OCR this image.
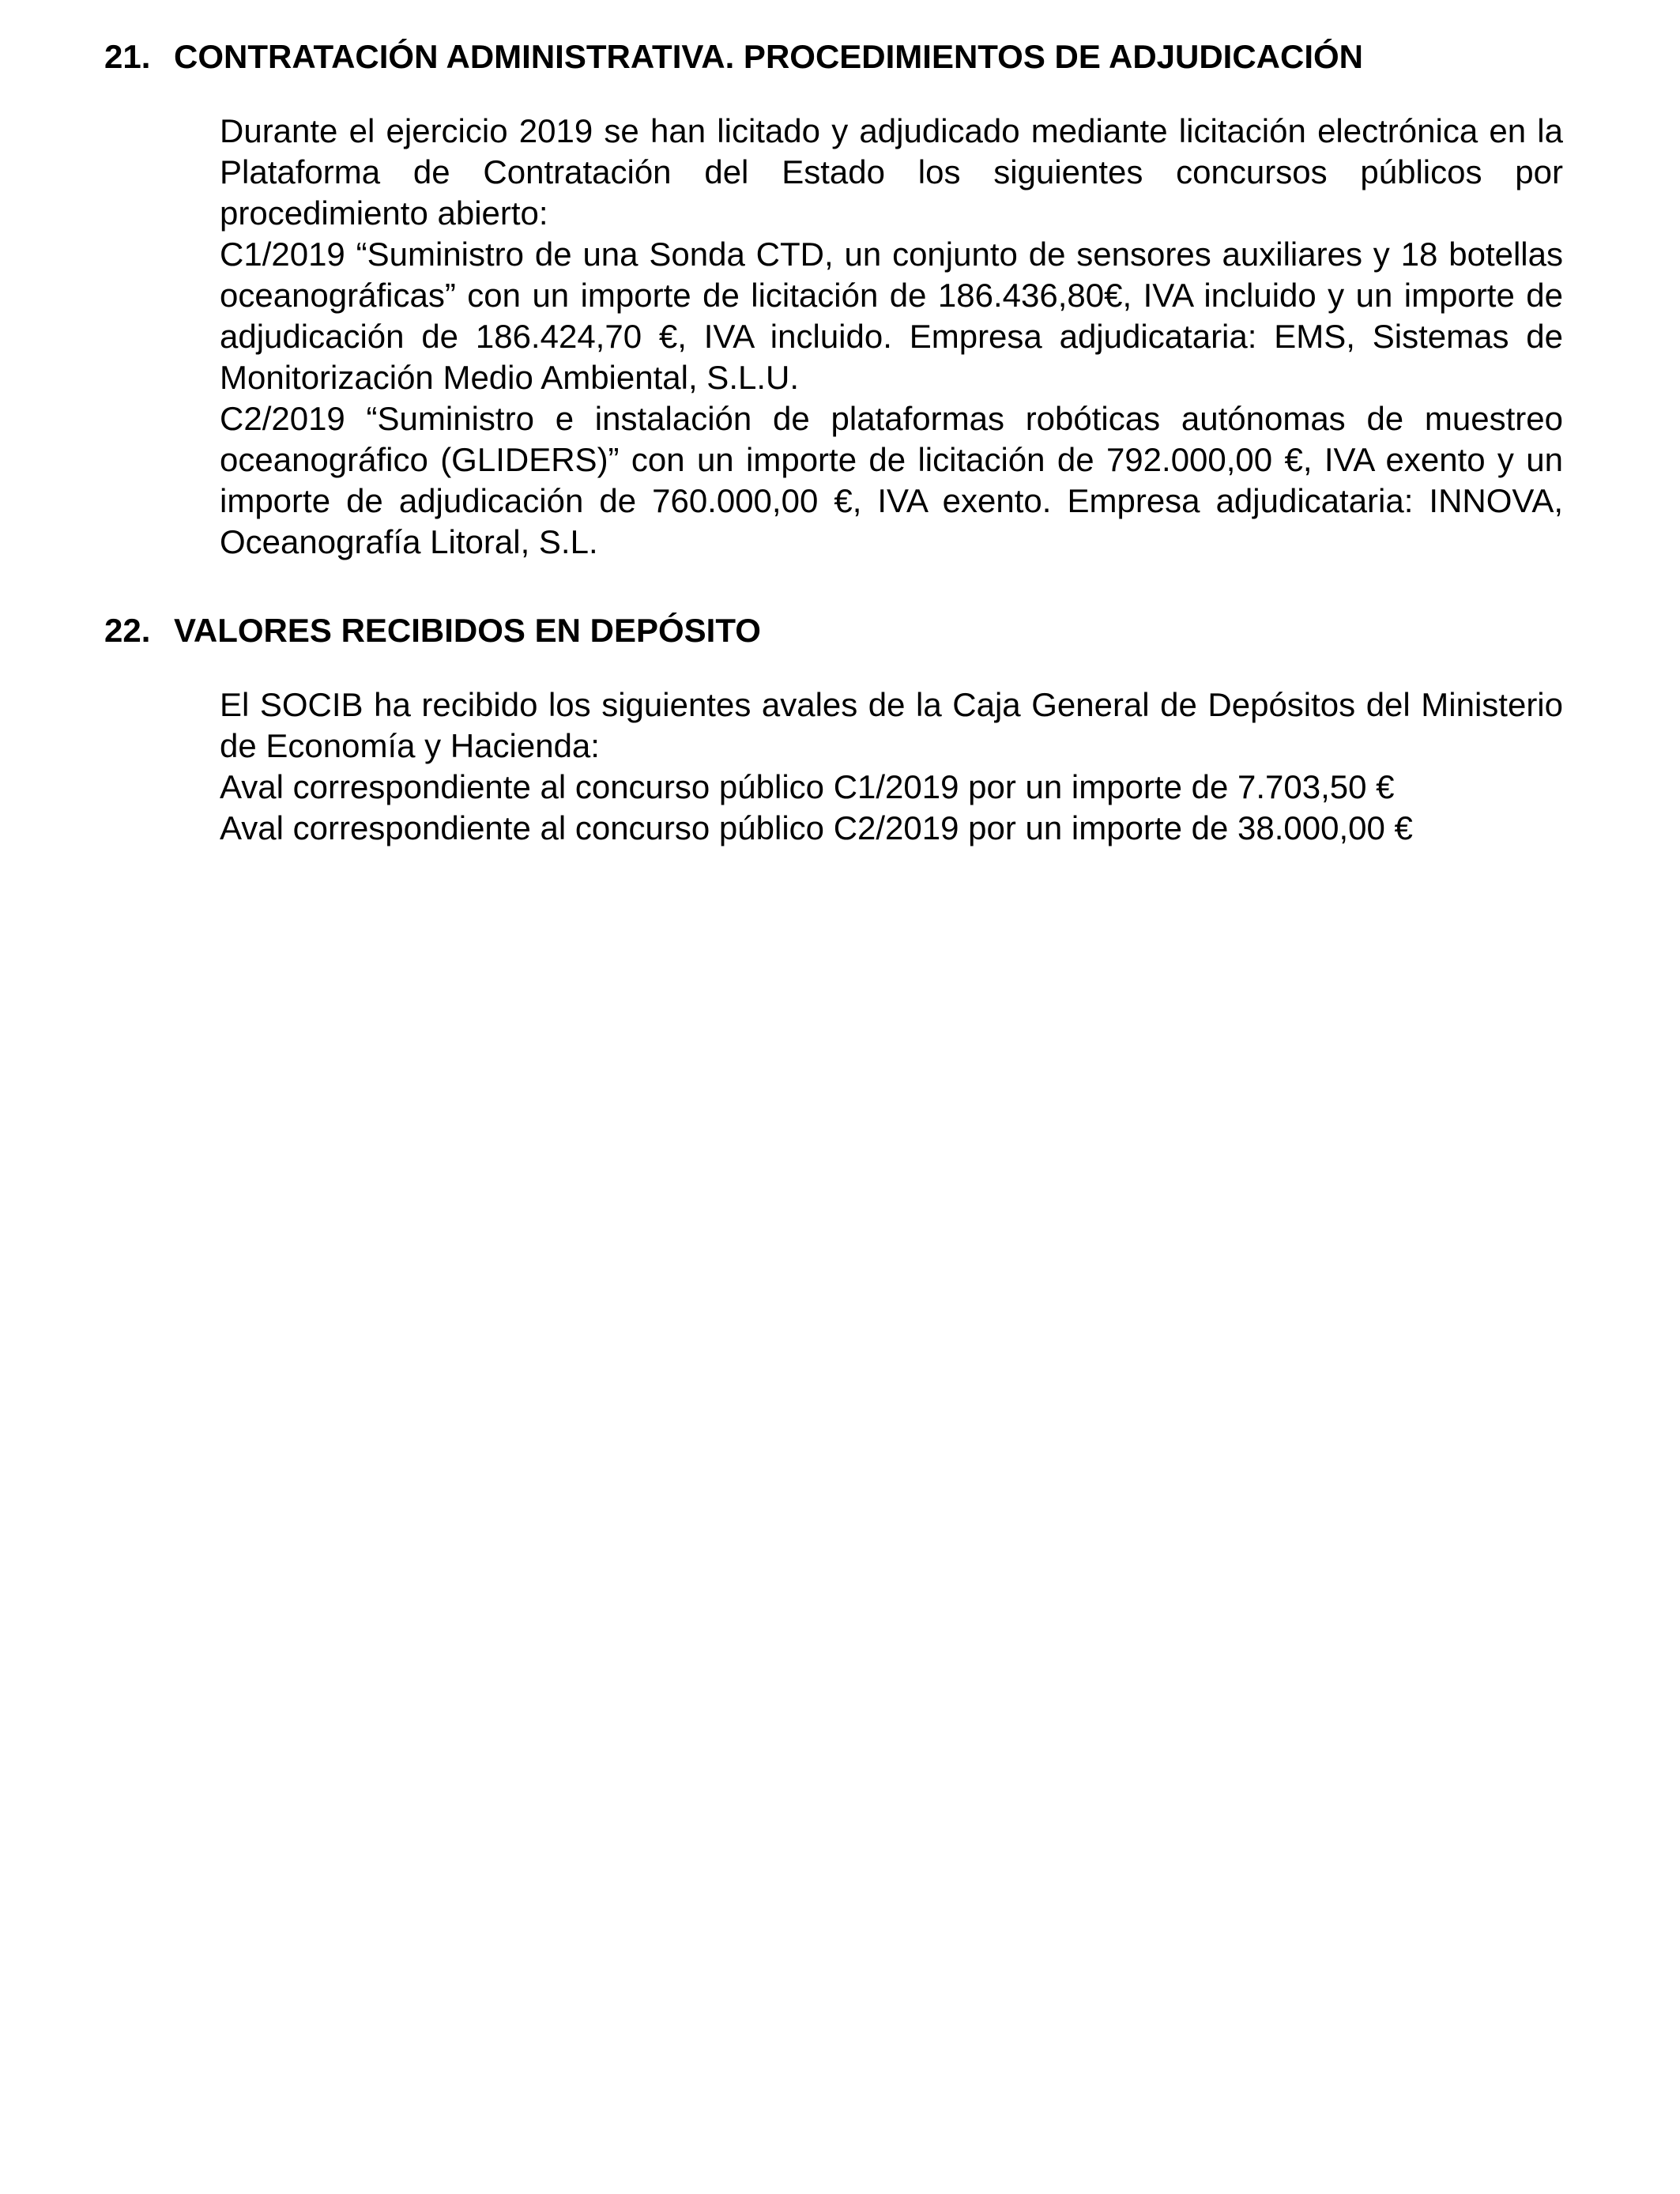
21. CONTRATACIÓN ADMINISTRATIVA. PROCEDIMIENTOS DE ADJUDICACIÓN

Durante el ejercicio 2019 se han licitado y adjudicado mediante licitación electrónica en la Plataforma de Contratación del Estado los siguientes concursos públicos por procedimiento abierto:

C1/2019 “Suministro de una Sonda CTD, un conjunto de sensores auxiliares y 18 botellas oceanográficas” con un importe de licitación de 186.436,80€, IVA incluido y un importe de adjudicación de 186.424,70 €, IVA incluido. Empresa adjudicataria: EMS, Sistemas de Monitorización Medio Ambiental, S.L.U.

C2/2019 “Suministro e instalación de plataformas robóticas autónomas de muestreo oceanográfico (GLIDERS)” con un importe de licitación de 792.000,00 €, IVA exento y un importe de adjudicación de 760.000,00 €, IVA exento. Empresa adjudicataria: INNOVA, Oceanografía Litoral, S.L.

22. VALORES RECIBIDOS EN DEPÓSITO

El SOCIB ha recibido los siguientes avales de la Caja General de Depósitos del Ministerio de Economía y Hacienda:

Aval correspondiente al concurso público C1/2019 por un importe de 7.703,50 €

Aval correspondiente al concurso público C2/2019 por un importe de 38.000,00 €
